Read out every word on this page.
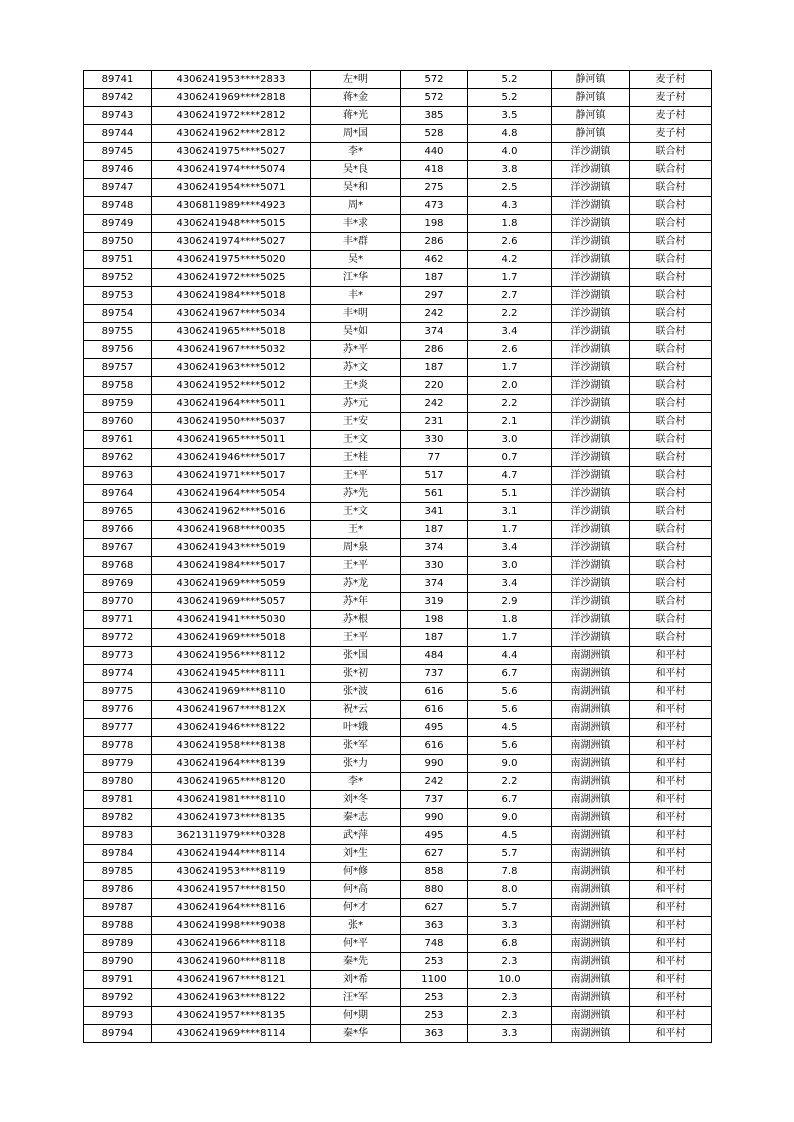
89741	4306241953****2833	左*明	572	5.2	静河镇	麦子村
89742	4306241969****2818	蒋*金	572	5.2	静河镇	麦子村
89743	4306241972****2812	蒋*光	385	3.5	静河镇	麦子村
89744	4306241962****2812	周*国	528	4.8	静河镇	麦子村
89745	4306241975****5027	李*	440	4.0	洋沙湖镇	联合村
89746	4306241974****5074	吴*良	418	3.8	洋沙湖镇	联合村
89747	4306241954****5071	吴*和	275	2.5	洋沙湖镇	联合村
89748	4306811989****4923	周*	473	4.3	洋沙湖镇	联合村
89749	4306241948****5015	丰*求	198	1.8	洋沙湖镇	联合村
89750	4306241974****5027	丰*群	286	2.6	洋沙湖镇	联合村
89751	4306241975****5020	吴*	462	4.2	洋沙湖镇	联合村
89752	4306241972****5025	江*华	187	1.7	洋沙湖镇	联合村
89753	4306241984****5018	丰*	297	2.7	洋沙湖镇	联合村
89754	4306241967****5034	丰*明	242	2.2	洋沙湖镇	联合村
89755	4306241965****5018	吴*如	374	3.4	洋沙湖镇	联合村
89756	4306241967****5032	苏*平	286	2.6	洋沙湖镇	联合村
89757	4306241963****5012	苏*文	187	1.7	洋沙湖镇	联合村
89758	4306241952****5012	王*炎	220	2.0	洋沙湖镇	联合村
89759	4306241964****5011	苏*元	242	2.2	洋沙湖镇	联合村
89760	4306241950****5037	王*安	231	2.1	洋沙湖镇	联合村
89761	4306241965****5011	王*文	330	3.0	洋沙湖镇	联合村
89762	4306241946****5017	王*桂	77	0.7	洋沙湖镇	联合村
89763	4306241971****5017	王*平	517	4.7	洋沙湖镇	联合村
89764	4306241964****5054	苏*先	561	5.1	洋沙湖镇	联合村
89765	4306241962****5016	王*文	341	3.1	洋沙湖镇	联合村
89766	4306241968****0035	王*	187	1.7	洋沙湖镇	联合村
89767	4306241943****5019	周*泉	374	3.4	洋沙湖镇	联合村
89768	4306241984****5017	王*平	330	3.0	洋沙湖镇	联合村
89769	4306241969****5059	苏*龙	374	3.4	洋沙湖镇	联合村
89770	4306241969****5057	苏*年	319	2.9	洋沙湖镇	联合村
89771	4306241941****5030	苏*根	198	1.8	洋沙湖镇	联合村
89772	4306241969****5018	王*平	187	1.7	洋沙湖镇	联合村
89773	4306241956****8112	张*国	484	4.4	南湖洲镇	和平村
89774	4306241945****8111	张*初	737	6.7	南湖洲镇	和平村
89775	4306241969****8110	张*波	616	5.6	南湖洲镇	和平村
89776	4306241967****812X	祝*云	616	5.6	南湖洲镇	和平村
89777	4306241946****8122	叶*娥	495	4.5	南湖洲镇	和平村
89778	4306241958****8138	张*军	616	5.6	南湖洲镇	和平村
89779	4306241964****8139	张*力	990	9.0	南湖洲镇	和平村
89780	4306241965****8120	李*	242	2.2	南湖洲镇	和平村
89781	4306241981****8110	刘*冬	737	6.7	南湖洲镇	和平村
89782	4306241973****8135	秦*志	990	9.0	南湖洲镇	和平村
89783	3621311979****0328	武*萍	495	4.5	南湖洲镇	和平村
89784	4306241944****8114	刘*生	627	5.7	南湖洲镇	和平村
89785	4306241953****8119	何*修	858	7.8	南湖洲镇	和平村
89786	4306241957****8150	何*高	880	8.0	南湖洲镇	和平村
89787	4306241964****8116	何*才	627	5.7	南湖洲镇	和平村
89788	4306241998****9038	张*	363	3.3	南湖洲镇	和平村
89789	4306241966****8118	何*平	748	6.8	南湖洲镇	和平村
89790	4306241960****8118	秦*先	253	2.3	南湖洲镇	和平村
89791	4306241967****8121	刘*希	1100	10.0	南湖洲镇	和平村
89792	4306241963****8122	汪*军	253	2.3	南湖洲镇	和平村
89793	4306241957****8135	何*期	253	2.3	南湖洲镇	和平村
89794	4306241969****8114	秦*华	363	3.3	南湖洲镇	和平村
